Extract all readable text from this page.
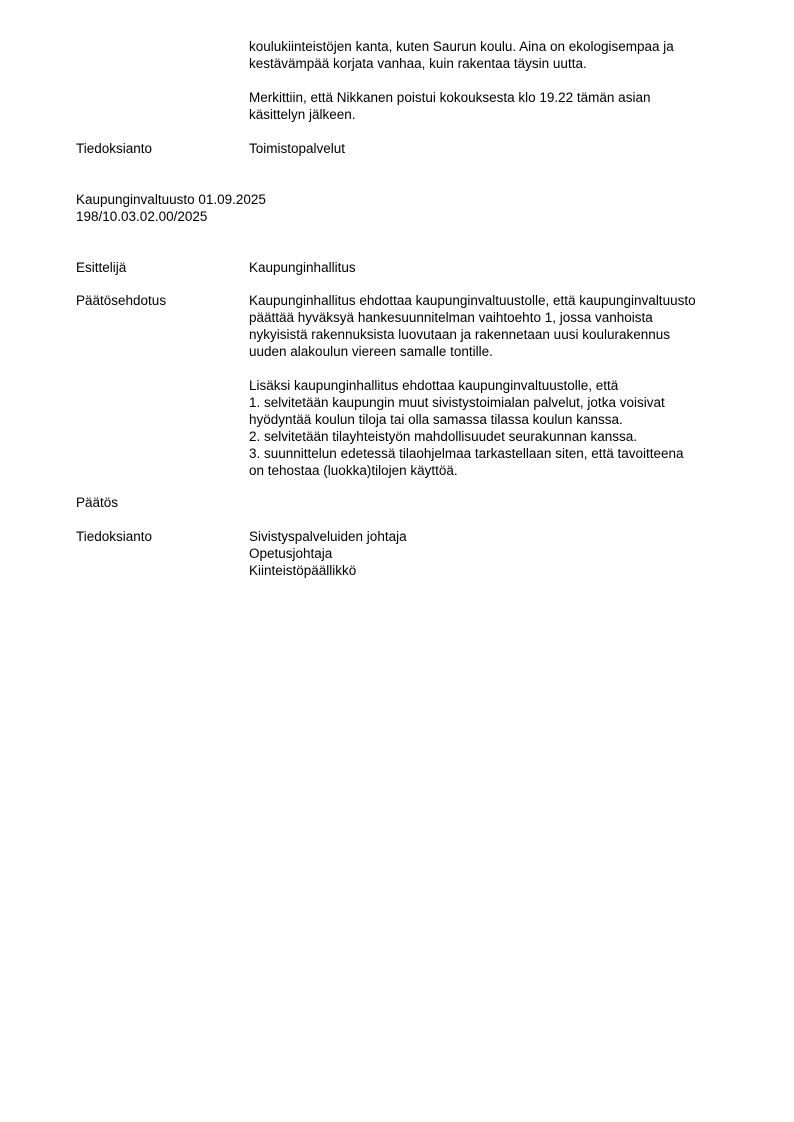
koulukiinteistöjen kanta, kuten Saurun koulu. Aina on ekologisempaa ja
kestävämpää korjata vanhaa, kuin rakentaa täysin uutta.
Merkittiin, että Nikkanen poistui kokouksesta klo 19.22 tämän asian
käsittelyn jälkeen.
Tiedoksianto	Toimistopalvelut
Kaupunginvaltuusto 01.09.2025
198/10.03.02.00/2025
Esittelijä	Kaupunginhallitus
Päätösehdotus	Kaupunginhallitus ehdottaa kaupunginvaltuustolle, että kaupunginvaltuusto
päättää hyväksyä hankesuunnitelman vaihtoehto 1, jossa vanhoista
nykyisistä rakennuksista luovutaan ja rakennetaan uusi koulurakennus
uuden alakoulun viereen samalle tontille.
Lisäksi kaupunginhallitus ehdottaa kaupunginvaltuustolle, että
1. selvitetään kaupungin muut sivistystoimialan palvelut, jotka voisivat
hyödyntää koulun tiloja tai olla samassa tilassa koulun kanssa.
2. selvitetään tilayhteistyön mahdollisuudet seurakunnan kanssa.
3. suunnittelun edetessä tilaohjelmaa tarkastellaan siten, että tavoitteena
on tehostaa (luokka)tilojen käyttöä.
Päätös
Tiedoksianto	Sivistyspalveluiden johtaja
Opetusjohtaja
Kiinteistöpäällikkö
